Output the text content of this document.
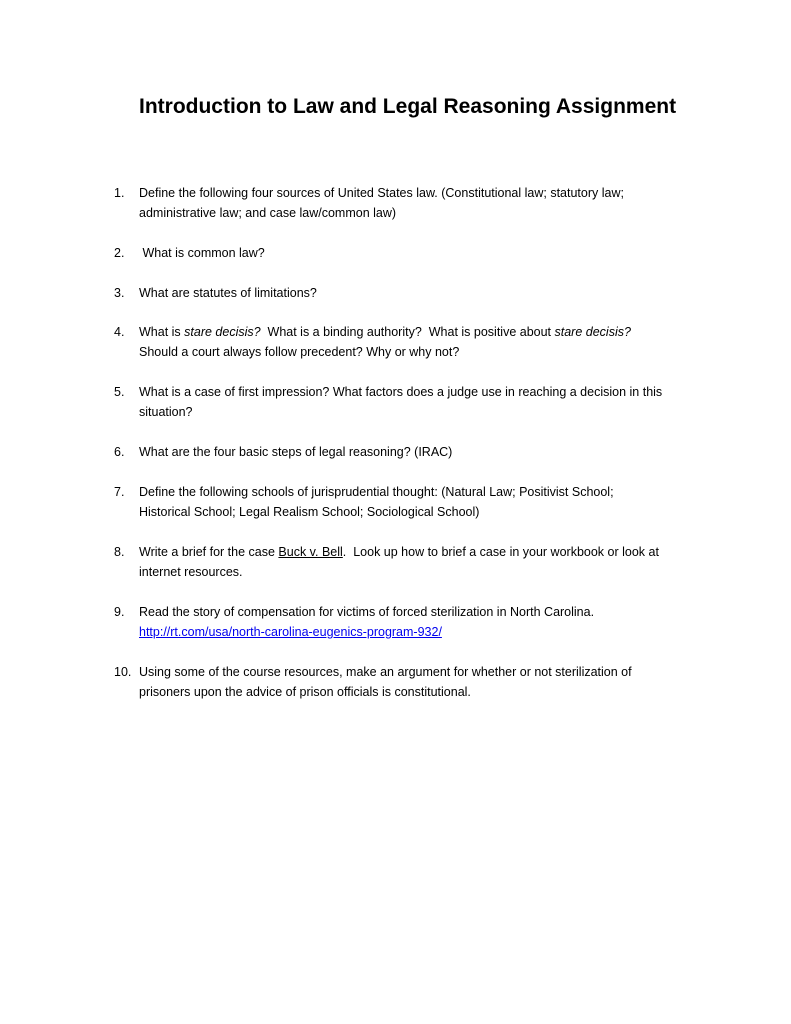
Introduction to Law and Legal Reasoning Assignment
1.	Define the following four sources of United States law. (Constitutional law; statutory law;
administrative law; and case law/common law)
2.	What is common law?
3.	What are statutes of limitations?
4.	What is stare decisis?  What is a binding authority?  What is positive about stare decisis?
Should a court always follow precedent? Why or why not?
5.	What is a case of first impression? What factors does a judge use in reaching a decision in this
situation?
6.	What are the four basic steps of legal reasoning? (IRAC)
7.	Define the following schools of jurisprudential thought: (Natural Law; Positivist School;
Historical School; Legal Realism School; Sociological School)
8.	Write a brief for the case Buck v. Bell.  Look up how to brief a case in your workbook or look at
internet resources.
9.	Read the story of compensation for victims of forced sterilization in North Carolina.
http://rt.com/usa/north-carolina-eugenics-program-932/
10. Using some of the course resources, make an argument for whether or not sterilization of
prisoners upon the advice of prison officials is constitutional.
